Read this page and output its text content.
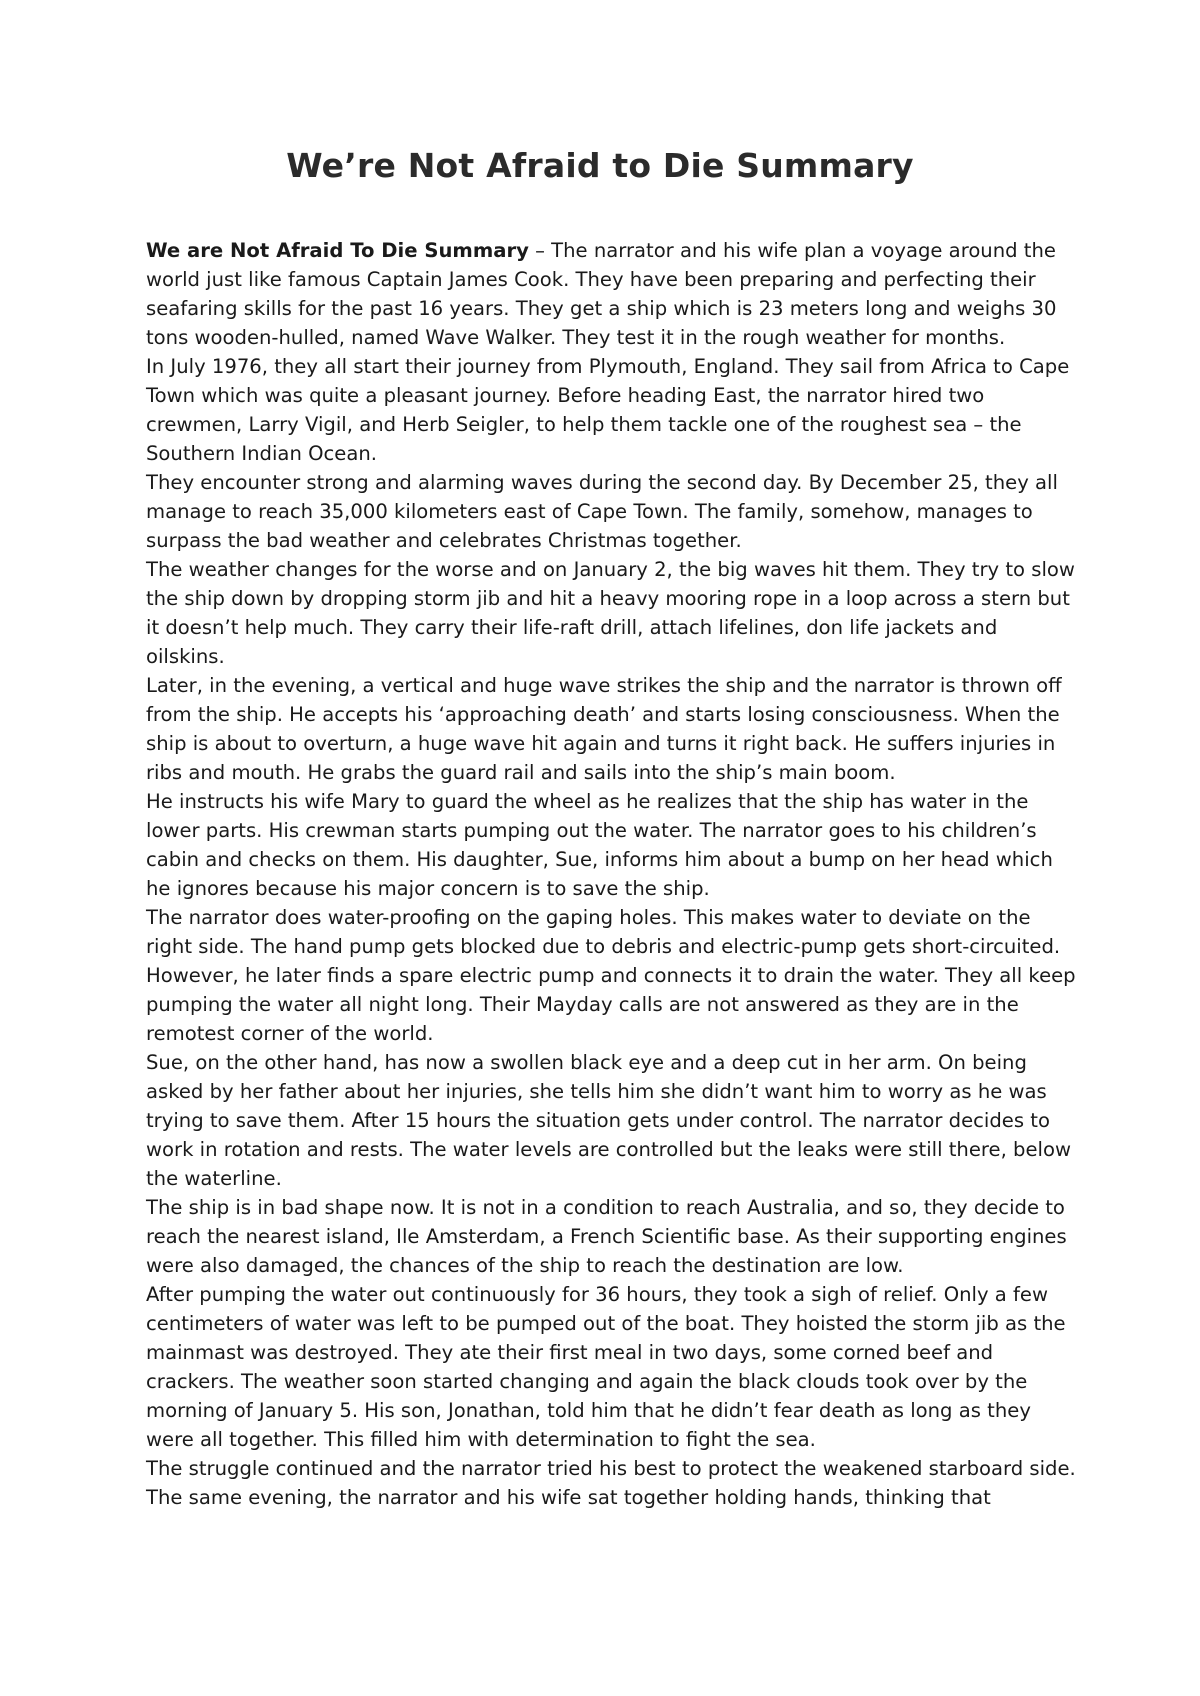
We’re Not Afraid to Die Summary

We are Not Afraid To Die Summary – The narrator and his wife plan a voyage around the world just like famous Captain James Cook. They have been preparing and perfecting their seafaring skills for the past 16 years. They get a ship which is 23 meters long and weighs 30 tons wooden-hulled, named Wave Walker. They test it in the rough weather for months.

In July 1976, they all start their journey from Plymouth, England. They sail from Africa to Cape Town which was quite a pleasant journey. Before heading East, the narrator hired two crewmen, Larry Vigil, and Herb Seigler, to help them tackle one of the roughest sea – the Southern Indian Ocean.

They encounter strong and alarming waves during the second day. By December 25, they all manage to reach 35,000 kilometers east of Cape Town. The family, somehow, manages to surpass the bad weather and celebrates Christmas together.

The weather changes for the worse and on January 2, the big waves hit them. They try to slow the ship down by dropping storm jib and hit a heavy mooring rope in a loop across a stern but it doesn’t help much. They carry their life-raft drill, attach lifelines, don life jackets and oilskins.

Later, in the evening, a vertical and huge wave strikes the ship and the narrator is thrown off from the ship. He accepts his ‘approaching death’ and starts losing consciousness. When the ship is about to overturn, a huge wave hit again and turns it right back. He suffers injuries in ribs and mouth. He grabs the guard rail and sails into the ship’s main boom.

He instructs his wife Mary to guard the wheel as he realizes that the ship has water in the lower parts. His crewman starts pumping out the water. The narrator goes to his children’s cabin and checks on them. His daughter, Sue, informs him about a bump on her head which he ignores because his major concern is to save the ship.

The narrator does water-proofing on the gaping holes. This makes water to deviate on the right side. The hand pump gets blocked due to debris and electric-pump gets short-circuited. However, he later finds a spare electric pump and connects it to drain the water. They all keep pumping the water all night long. Their Mayday calls are not answered as they are in the remotest corner of the world.

Sue, on the other hand, has now a swollen black eye and a deep cut in her arm. On being asked by her father about her injuries, she tells him she didn’t want him to worry as he was trying to save them. After 15 hours the situation gets under control. The narrator decides to work in rotation and rests. The water levels are controlled but the leaks were still there, below the waterline.

The ship is in bad shape now. It is not in a condition to reach Australia, and so, they decide to reach the nearest island, Ile Amsterdam, a French Scientific base. As their supporting engines were also damaged, the chances of the ship to reach the destination are low.

After pumping the water out continuously for 36 hours, they took a sigh of relief. Only a few centimeters of water was left to be pumped out of the boat. They hoisted the storm jib as the mainmast was destroyed. They ate their first meal in two days, some corned beef and crackers. The weather soon started changing and again the black clouds took over by the morning of January 5. His son, Jonathan, told him that he didn’t fear death as long as they were all together. This filled him with determination to fight the sea.

The struggle continued and the narrator tried his best to protect the weakened starboard side. The same evening, the narrator and his wife sat together holding hands, thinking that
